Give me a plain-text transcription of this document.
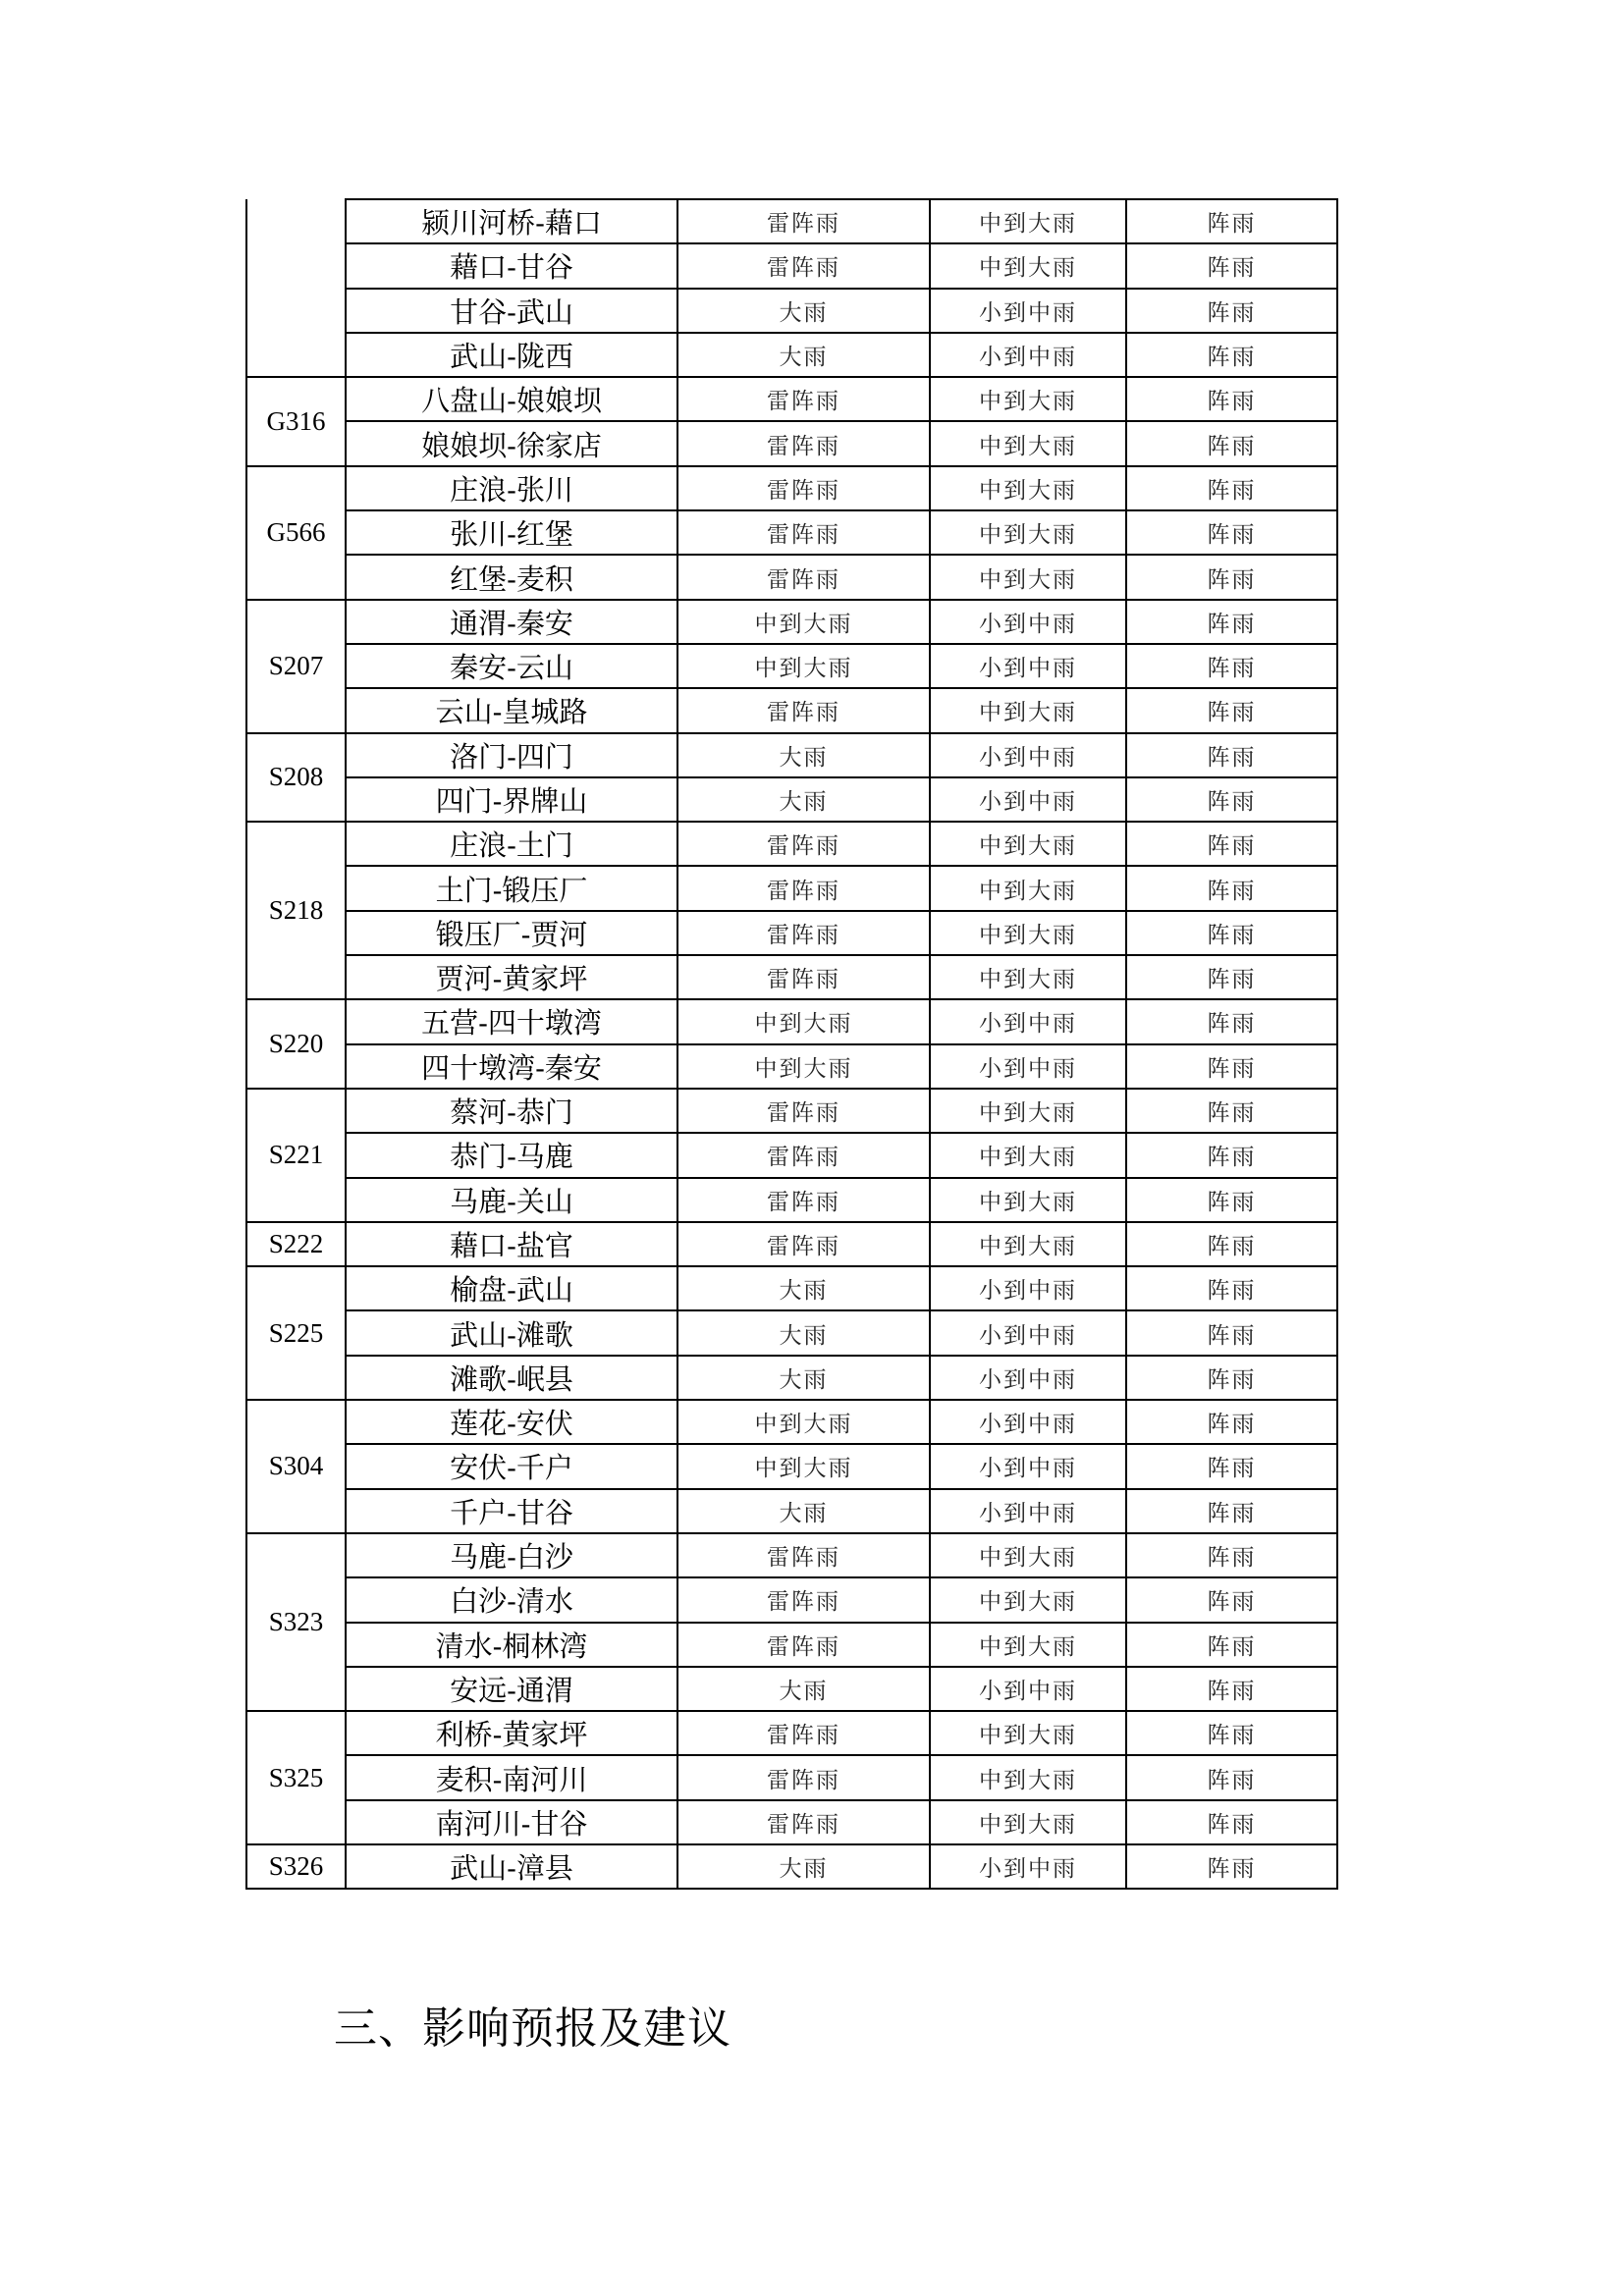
	颍川河桥-藉口	雷阵雨	中到大雨	阵雨
	藉口-甘谷	雷阵雨	中到大雨	阵雨
	甘谷-武山	大雨	小到中雨	阵雨
	武山-陇西	大雨	小到中雨	阵雨
G316	八盘山-娘娘坝	雷阵雨	中到大雨	阵雨
	娘娘坝-徐家店	雷阵雨	中到大雨	阵雨
G566	庄浪-张川	雷阵雨	中到大雨	阵雨
	张川-红堡	雷阵雨	中到大雨	阵雨
	红堡-麦积	雷阵雨	中到大雨	阵雨
S207	通渭-秦安	中到大雨	小到中雨	阵雨
	秦安-云山	中到大雨	小到中雨	阵雨
	云山-皇城路	雷阵雨	中到大雨	阵雨
S208	洛门-四门	大雨	小到中雨	阵雨
	四门-界牌山	大雨	小到中雨	阵雨
S218	庄浪-土门	雷阵雨	中到大雨	阵雨
	土门-锻压厂	雷阵雨	中到大雨	阵雨
	锻压厂-贾河	雷阵雨	中到大雨	阵雨
	贾河-黄家坪	雷阵雨	中到大雨	阵雨
S220	五营-四十墩湾	中到大雨	小到中雨	阵雨
	四十墩湾-秦安	中到大雨	小到中雨	阵雨
S221	蔡河-恭门	雷阵雨	中到大雨	阵雨
	恭门-马鹿	雷阵雨	中到大雨	阵雨
	马鹿-关山	雷阵雨	中到大雨	阵雨
S222	藉口-盐官	雷阵雨	中到大雨	阵雨
S225	榆盘-武山	大雨	小到中雨	阵雨
	武山-滩歌	大雨	小到中雨	阵雨
	滩歌-岷县	大雨	小到中雨	阵雨
S304	莲花-安伏	中到大雨	小到中雨	阵雨
	安伏-千户	中到大雨	小到中雨	阵雨
	千户-甘谷	大雨	小到中雨	阵雨
S323	马鹿-白沙	雷阵雨	中到大雨	阵雨
	白沙-清水	雷阵雨	中到大雨	阵雨
	清水-桐林湾	雷阵雨	中到大雨	阵雨
	安远-通渭	大雨	小到中雨	阵雨
S325	利桥-黄家坪	雷阵雨	中到大雨	阵雨
	麦积-南河川	雷阵雨	中到大雨	阵雨
	南河川-甘谷	雷阵雨	中到大雨	阵雨
S326	武山-漳县	大雨	小到中雨	阵雨
三、影响预报及建议
